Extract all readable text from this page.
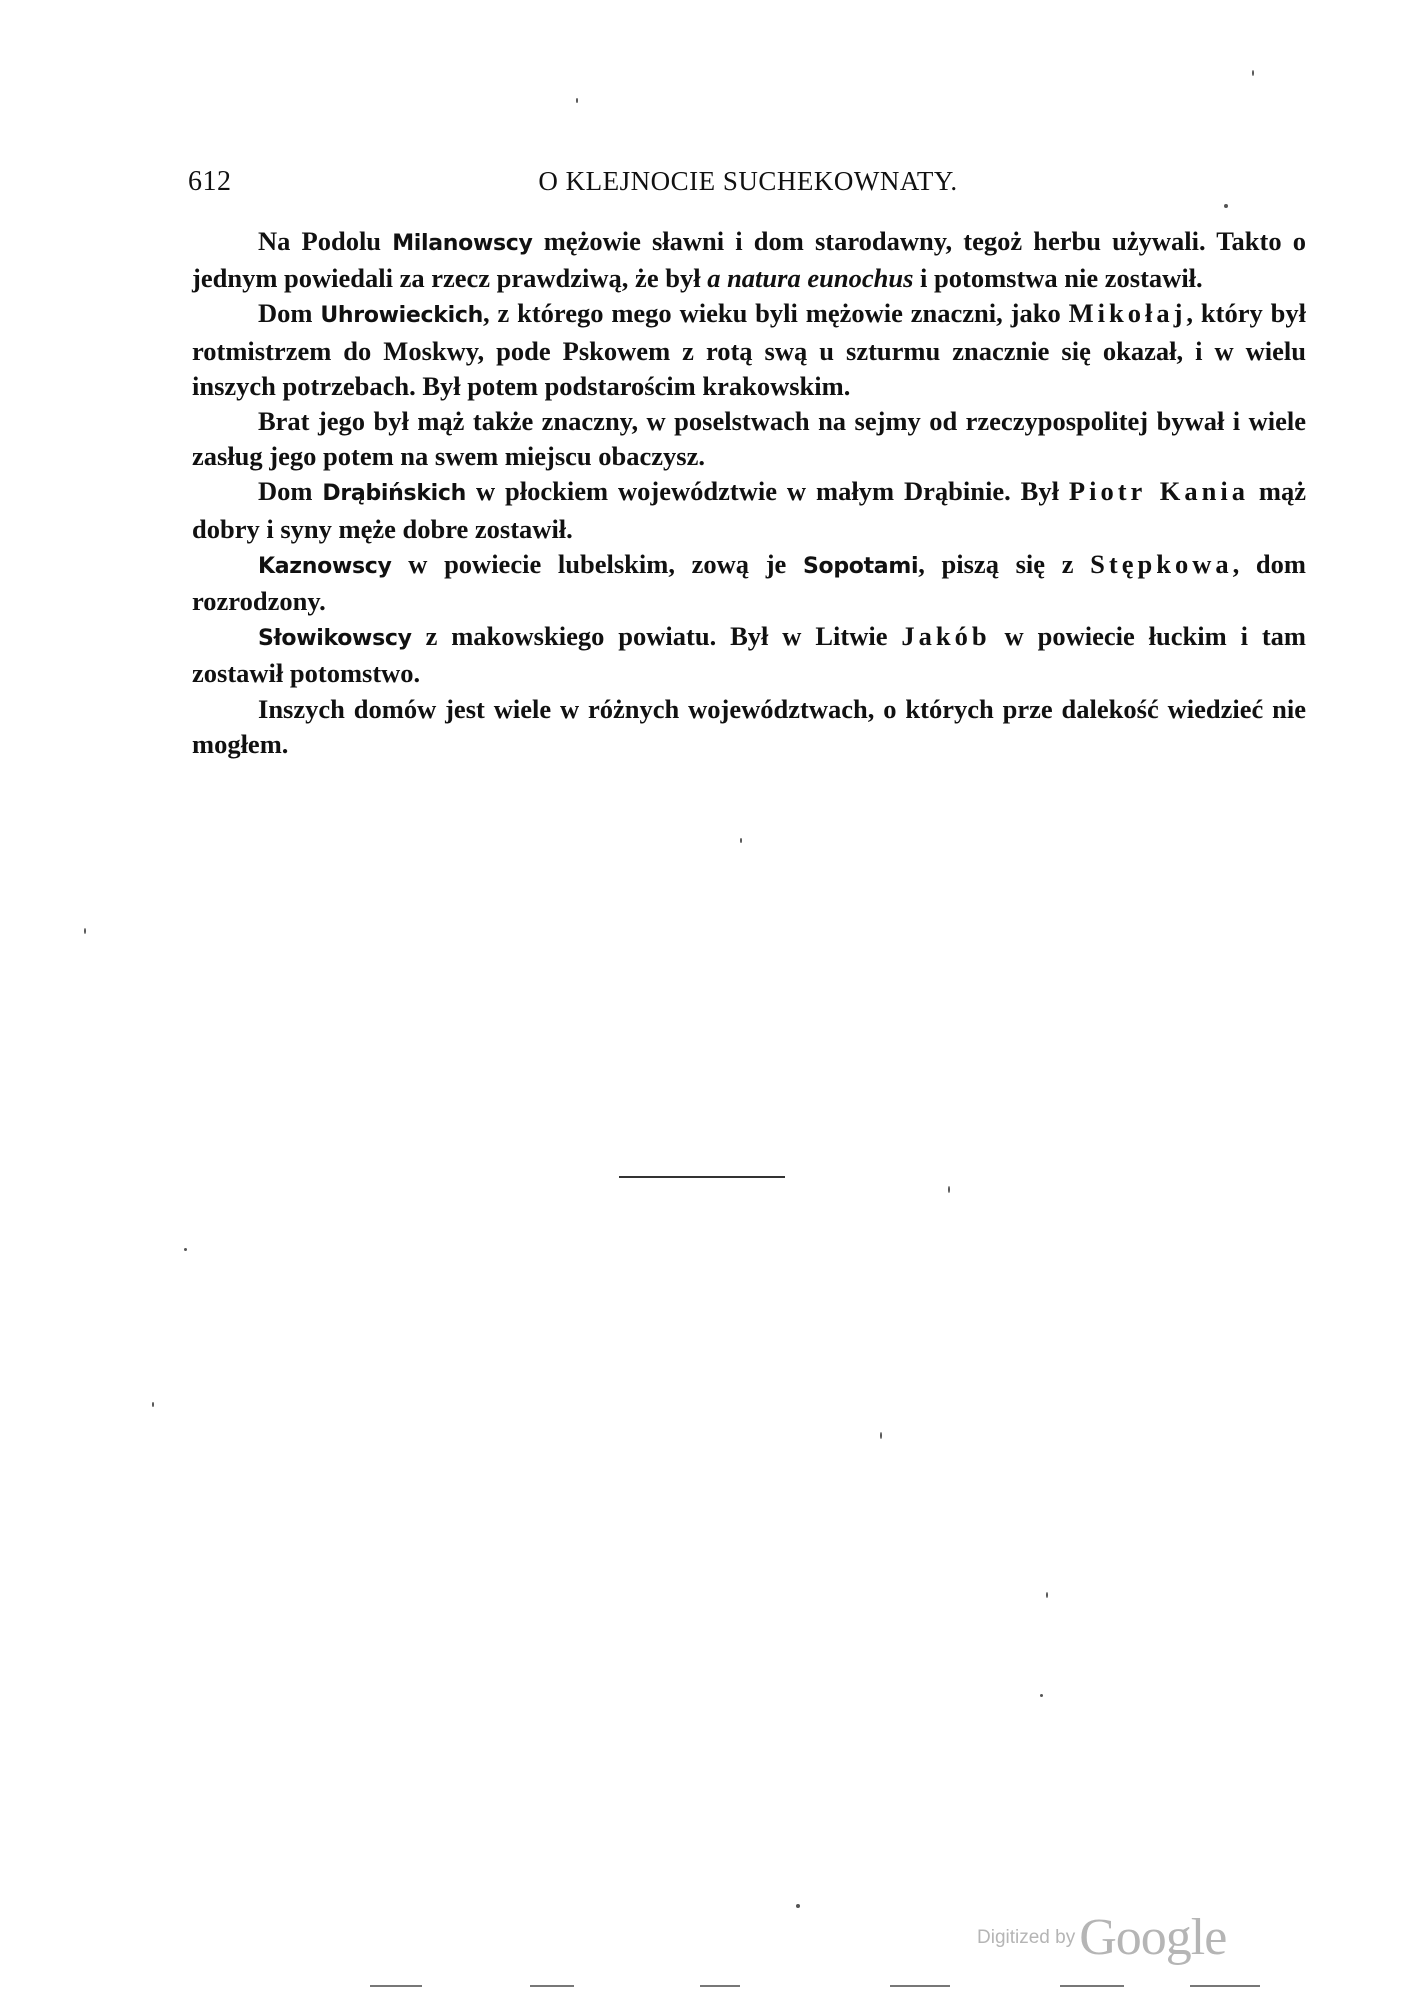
612	O KLEJNOCIE SUCHEKOWNATY.

Na Podolu Milanowscy mężowie sławni i dom starodawny, tegoż herbu używali. Takto o jednym powiedali za rzecz prawdziwą, że był a natura eunochus i potomstwa nie zostawił.

Dom Uhrowieckich, z którego mego wieku byli mężowie znaczni, jako Mikołaj, który był rotmistrzem do Moskwy, pode Pskowem z rotą swą u szturmu znacznie się okazał, i w wielu inszych potrzebach. Był potem podstarościm krakowskim.

Brat jego był mąż także znaczny, w poselstwach na sejmy od rzeczypospolitej bywał i wiele zasług jego potem na swem miejscu obaczysz.

Dom Drąbińskich w płockiem województwie w małym Drąbinie. Był Piotr Kania mąż dobry i syny męże dobre zostawił.

Kaznowscy w powiecie lubelskim, zową je Sopotami, piszą się z Stępkowa, dom rozrodzony.

Słowikowscy z makowskiego powiatu. Był w Litwie Jakób w powiecie łuckim i tam zostawił potomstwo.

Inszych domów jest wiele w różnych województwach, o których prze dalekość wiedzieć nie mogłem.

Digitized byGoogle
